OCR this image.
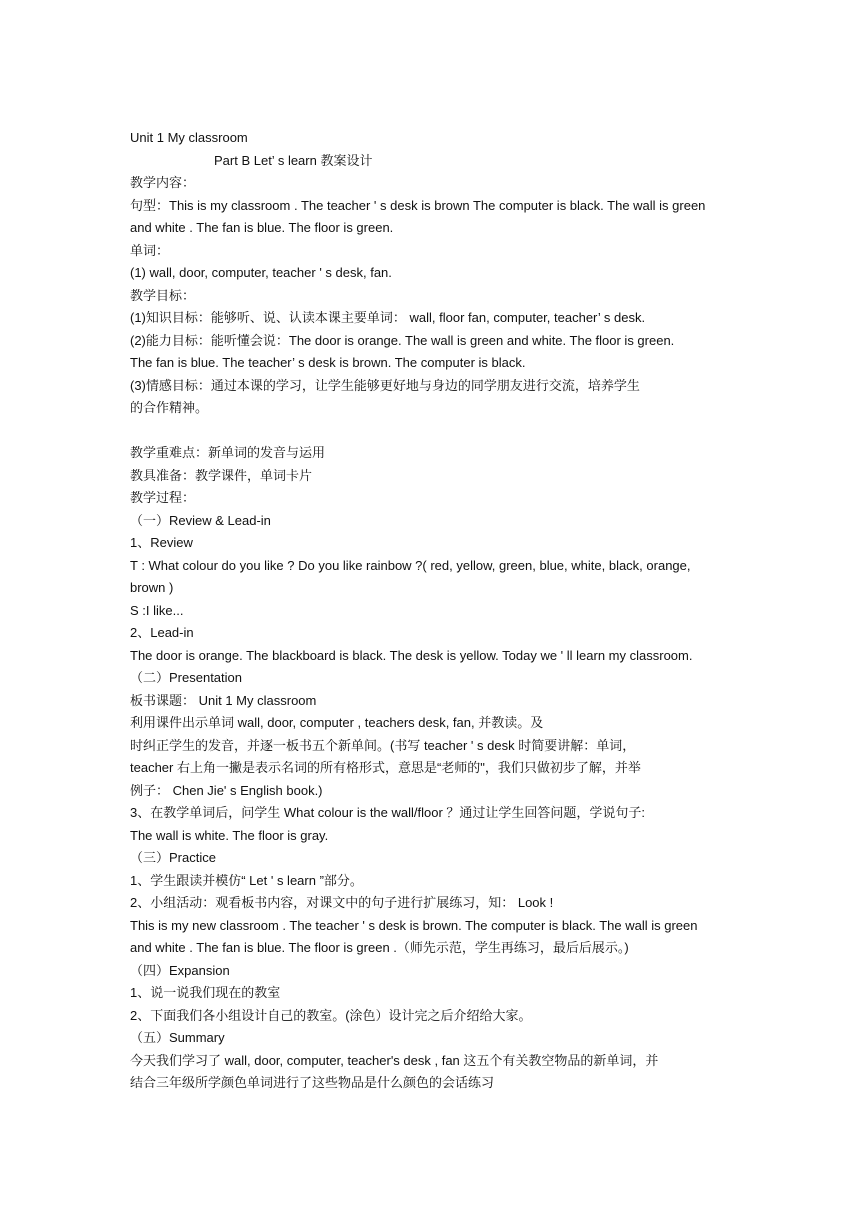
Unit 1 My classroom
Part B Let’ s learn 教案设计
教学内容：
句型：This is my classroom . The teacher ' s desk is brown The computer is black. The wall is green
and white . The fan is blue. The floor is green.
单词：
(1) wall, door, computer, teacher ' s desk, fan.
教学目标：
(1)知识目标：能够听、说、认读本课主要单词： wall, floor fan, computer, teacher’ s desk.
(2)能力目标：能听懂会说：The door is orange. The wall is green and white. The floor is green.
The fan is blue. The teacher’ s desk is brown. The computer is black.
(3)情感目标：通过本课的学习，让学生能够更好地与身边的同学朋友进行交流，培养学生
的合作精神。
教学重难点：新单词的发音与运用
教具准备：教学课件，单词卡片
教学过程：
（一）Review & Lead-in
1、Review
T : What colour do you like ? Do you like rainbow ?( red, yellow, green, blue, white, black, orange,
brown )
S :I like...
2、Lead-in
The door is orange. The blackboard is black. The desk is yellow. Today we ' ll learn my classroom.
（二）Presentation
板书课题： Unit 1 My classroom
利用课件出示单词 wall, door, computer , teachers desk, fan, 并教读。及
时纠正学生的发音，并逐一板书五个新单间。(书写 teacher ' s desk 时简要讲解：单词，
teacher 右上角一撇是表示名词的所有格形式，意思是“老师的"，我们只做初步了解，并举
例子： Chen Jie' s English book.)
3、在教学单词后，问学生 What colour is the wall/floor ？通过让学生回答问题，学说句子:
The wall is white. The floor is gray.
（三）Practice
1、学生跟读并模仿“ Let ' s learn ”部分。
2、小组活动：观看板书内容，对课文中的句子进行扩展练习，知： Look !
This is my new classroom . The teacher ' s desk is brown. The computer is black. The wall is green
and white . The fan is blue. The floor is green .（师先示范，学生再练习，最后后展示。)
（四）Expansion
1、说一说我们现在的教室
2、下面我们各小组设计自己的教室。(涂色）设计完之后介绍给大家。
（五）Summary
今天我们学习了 wall, door, computer, teacher's desk , fan 这五个有关教空物品的新单词，并
结合三年级所学颜色单词进行了这些物品是什么颜色的会话练习
